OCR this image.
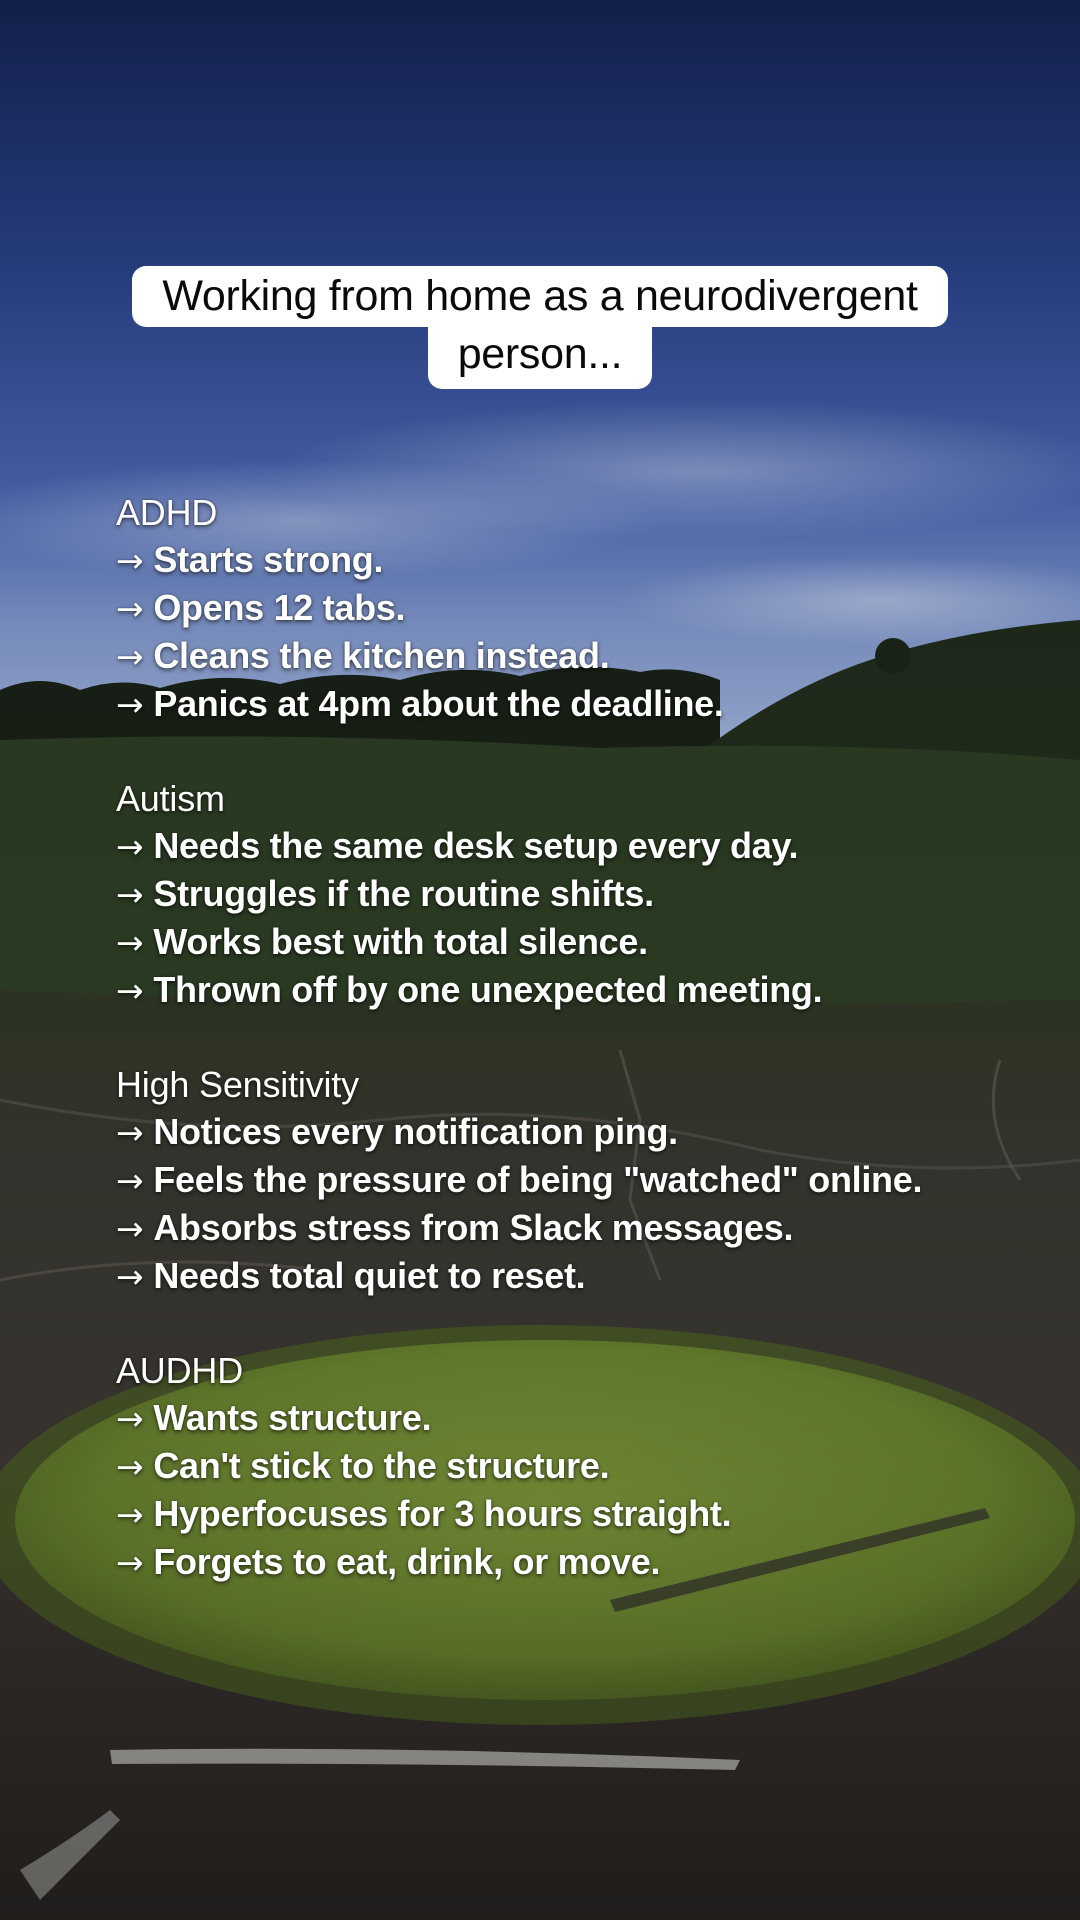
Working from home as a neurodivergent
person...
ADHD
→ Starts strong.
→ Opens 12 tabs.
→ Cleans the kitchen instead.
→ Panics at 4pm about the deadline.
Autism
→ Needs the same desk setup every day.
→ Struggles if the routine shifts.
→ Works best with total silence.
→ Thrown off by one unexpected meeting.
High Sensitivity
→ Notices every notification ping.
→ Feels the pressure of being "watched" online.
→ Absorbs stress from Slack messages.
→ Needs total quiet to reset.
AUDHD
→ Wants structure.
→ Can't stick to the structure.
→ Hyperfocuses for 3 hours straight.
→ Forgets to eat, drink, or move.
